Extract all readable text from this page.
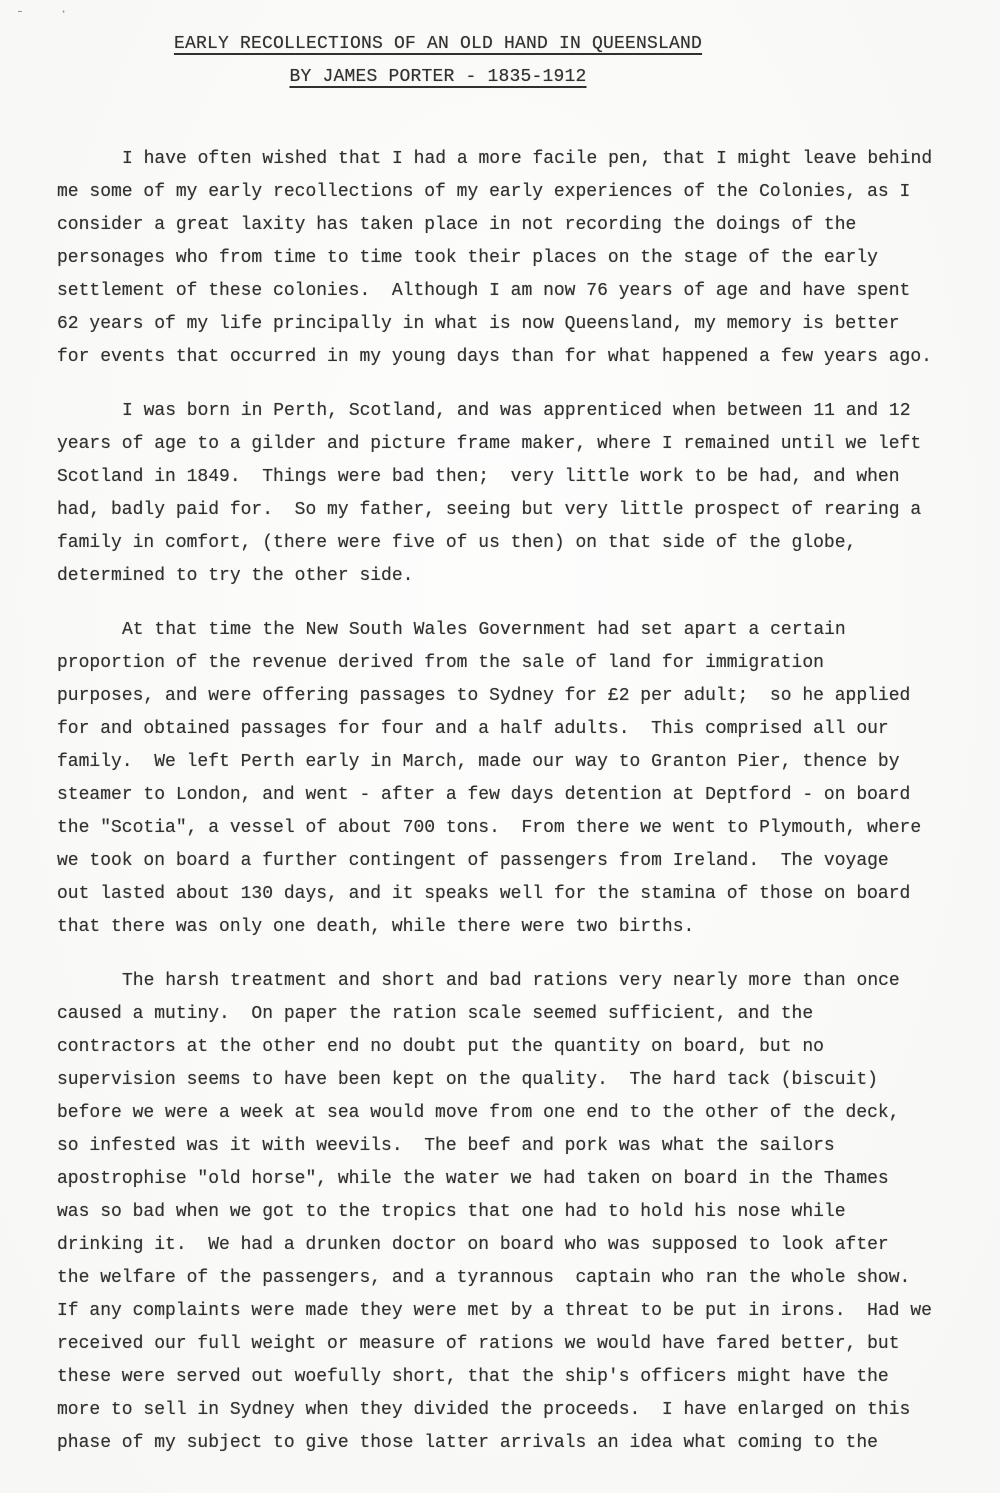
- ·
EARLY RECOLLECTIONS OF AN OLD HAND IN QUEENSLAND
BY JAMES PORTER - 1835-1912

I have often wished that I had a more facile pen, that I might leave behind
me some of my early recollections of my early experiences of the Colonies, as I
consider a great laxity has taken place in not recording the doings of the
personages who from time to time took their places on the stage of the early
settlement of these colonies.  Although I am now 76 years of age and have spent
62 years of my life principally in what is now Queensland, my memory is better
for events that occurred in my young days than for what happened a few years ago.

I was born in Perth, Scotland, and was apprenticed when between 11 and 12
years of age to a gilder and picture frame maker, where I remained until we left
Scotland in 1849.  Things were bad then;  very little work to be had, and when
had, badly paid for.  So my father, seeing but very little prospect of rearing a
family in comfort, (there were five of us then) on that side of the globe,
determined to try the other side.

At that time the New South Wales Government had set apart a certain
proportion of the revenue derived from the sale of land for immigration
purposes, and were offering passages to Sydney for £2 per adult;  so he applied
for and obtained passages for four and a half adults.  This comprised all our
family.  We left Perth early in March, made our way to Granton Pier, thence by
steamer to London, and went - after a few days detention at Deptford - on board
the "Scotia", a vessel of about 700 tons.  From there we went to Plymouth, where
we took on board a further contingent of passengers from Ireland.  The voyage
out lasted about 130 days, and it speaks well for the stamina of those on board
that there was only one death, while there were two births.

The harsh treatment and short and bad rations very nearly more than once
caused a mutiny.  On paper the ration scale seemed sufficient, and the
contractors at the other end no doubt put the quantity on board, but no
supervision seems to have been kept on the quality.  The hard tack (biscuit)
before we were a week at sea would move from one end to the other of the deck,
so infested was it with weevils.  The beef and pork was what the sailors
apostrophise "old horse", while the water we had taken on board in the Thames
was so bad when we got to the tropics that one had to hold his nose while
drinking it.  We had a drunken doctor on board who was supposed to look after
the welfare of the passengers, and a tyrannous  captain who ran the whole show.
If any complaints were made they were met by a threat to be put in irons.  Had we
received our full weight or measure of rations we would have fared better, but
these were served out woefully short, that the ship's officers might have the
more to sell in Sydney when they divided the proceeds.  I have enlarged on this
phase of my subject to give those latter arrivals an idea what coming to the
